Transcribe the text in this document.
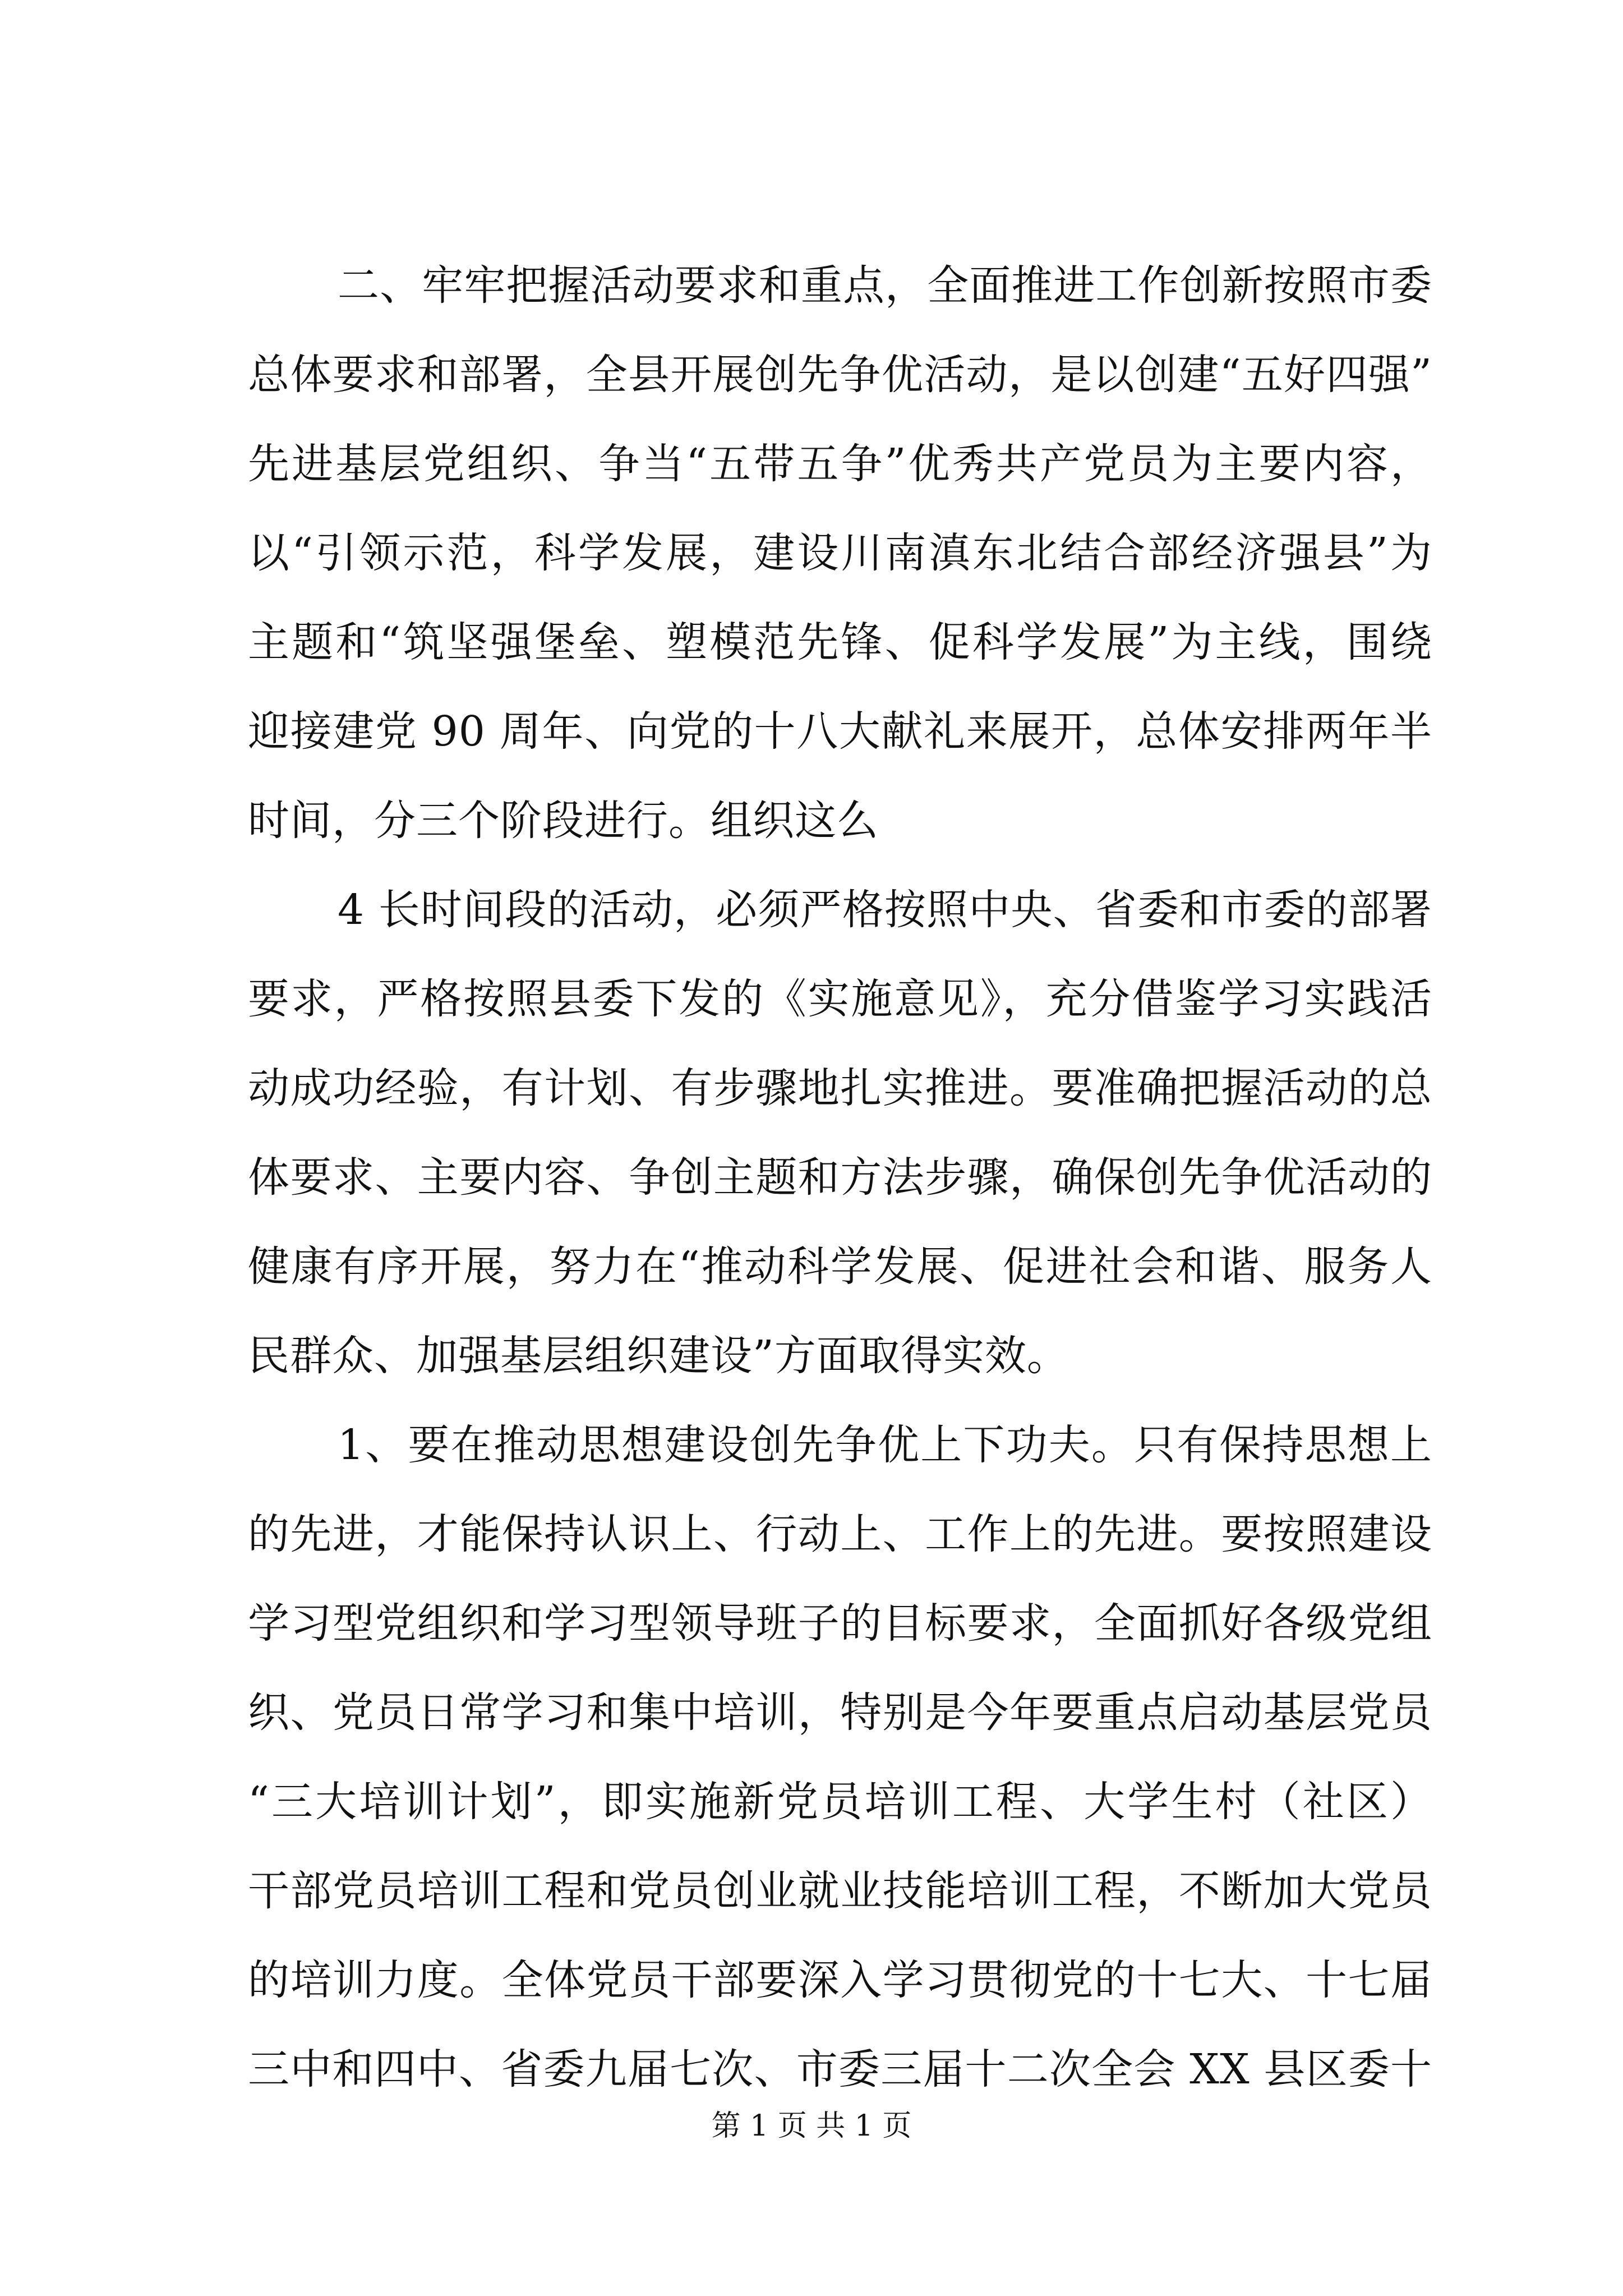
二、牢牢把握活动要求和重点，全面推进工作创新按照市委
总体要求和部署，全县开展创先争优活动，是以创建“五好四强”
先进基层党组织、争当“五带五争”优秀共产党员为主要内容，
以“引领示范，科学发展，建设川南滇东北结合部经济强县”为
主题和“筑坚强堡垒、塑模范先锋、促科学发展”为主线，围绕
迎接建党 90 周年、向党的十八大献礼来展开，总体安排两年半
时间，分三个阶段进行。组织这么
4 长时间段的活动，必须严格按照中央、省委和市委的部署
要求，严格按照县委下发的《实施意见》，充分借鉴学习实践活
动成功经验，有计划、有步骤地扎实推进。要准确把握活动的总
体要求、主要内容、争创主题和方法步骤，确保创先争优活动的
健康有序开展，努力在“推动科学发展、促进社会和谐、服务人
民群众、加强基层组织建设”方面取得实效。
1、要在推动思想建设创先争优上下功夫。只有保持思想上
的先进，才能保持认识上、行动上、工作上的先进。要按照建设
学习型党组织和学习型领导班子的目标要求，全面抓好各级党组
织、党员日常学习和集中培训，特别是今年要重点启动基层党员
“三大培训计划”，即实施新党员培训工程、大学生村（社区）
干部党员培训工程和党员创业就业技能培训工程，不断加大党员
的培训力度。全体党员干部要深入学习贯彻党的十七大、十七届
三中和四中、省委九届七次、市委三届十二次全会 XX 县区委十
第 1 页 共 1 页
